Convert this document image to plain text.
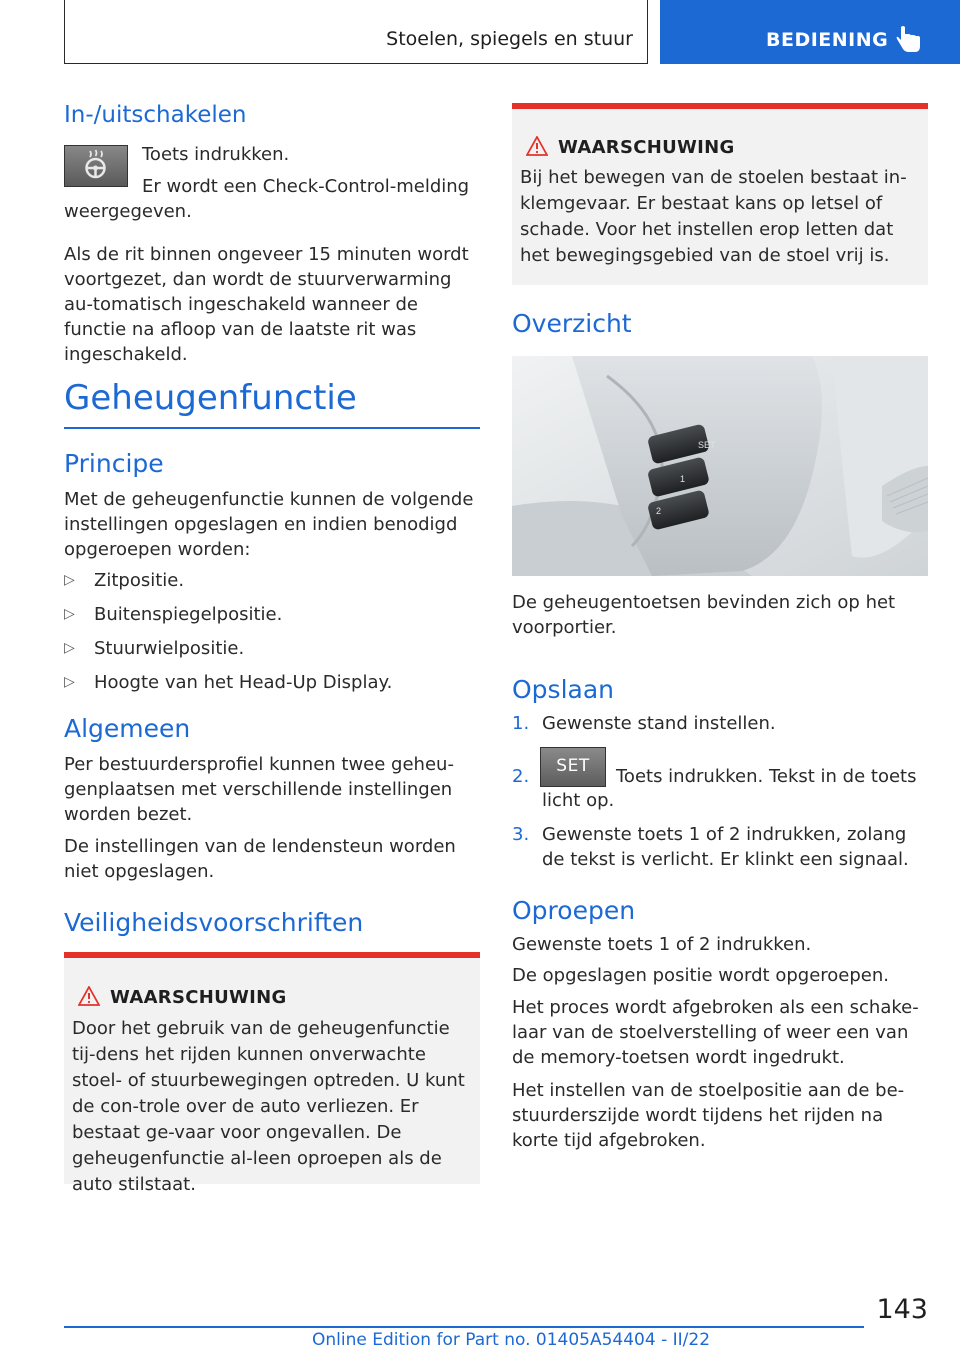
Stoelen, spiegels en stuur	BEDIENING
In-/uitschakelen

Toets indrukken.

Er wordt een Check-Control-melding

weergegeven.

Als de rit binnen ongeveer 15 minuten wordt voortgezet, dan wordt de stuurverwarming au-tomatisch ingeschakeld wanneer de functie na afloop van de laatste rit was ingeschakeld.

Geheugenfunctie
Principe

Met de geheugenfunctie kunnen de volgende instellingen opgeslagen en indien benodigd opgeroepen worden:

▷ Zitpositie.
▷ Buitenspiegelpositie.
▷ Stuurwielpositie.
▷ Hoogte van het Head-Up Display.
Algemeen

Per bestuurdersprofiel kunnen twee geheu-genplaatsen met verschillende instellingen worden bezet.

De instellingen van de lendensteun worden niet opgeslagen.

Veiligheidsvoorschriften
WAARSCHUWING
Door het gebruik van de geheugenfunctie tij-dens het rijden kunnen onverwachte stoel- of stuurbewegingen optreden. U kunt de con-trole over de auto verliezen. Er bestaat ge-vaar voor ongevallen. De geheugenfunctie al-leen oproepen als de auto stilstaat.
WAARSCHUWING
Bij het bewegen van de stoelen bestaat in-klemgevaar. Er bestaat kans op letsel of schade. Voor het instellen erop letten dat het bewegingsgebied van de stoel vrij is.
Overzicht
SET
1
2

De geheugentoetsen bevinden zich op het voorportier.

Opslaan
1. Gewenste stand instellen.
2.	SET	Toets indrukken. Tekst in de toets
licht op.
3. Gewenste toets 1 of 2 indrukken, zolang de tekst is verlicht. Er klinkt een signaal.
Oproepen

Gewenste toets 1 of 2 indrukken.

De opgeslagen positie wordt opgeroepen.

Het proces wordt afgebroken als een schake-laar van de stoelverstelling of weer een van de memory-toetsen wordt ingedrukt.

Het instellen van de stoelpositie aan de be-stuurderszijde wordt tijdens het rijden na korte tijd afgebroken.

143
Online Edition for Part no. 01405A54404 - II/22
